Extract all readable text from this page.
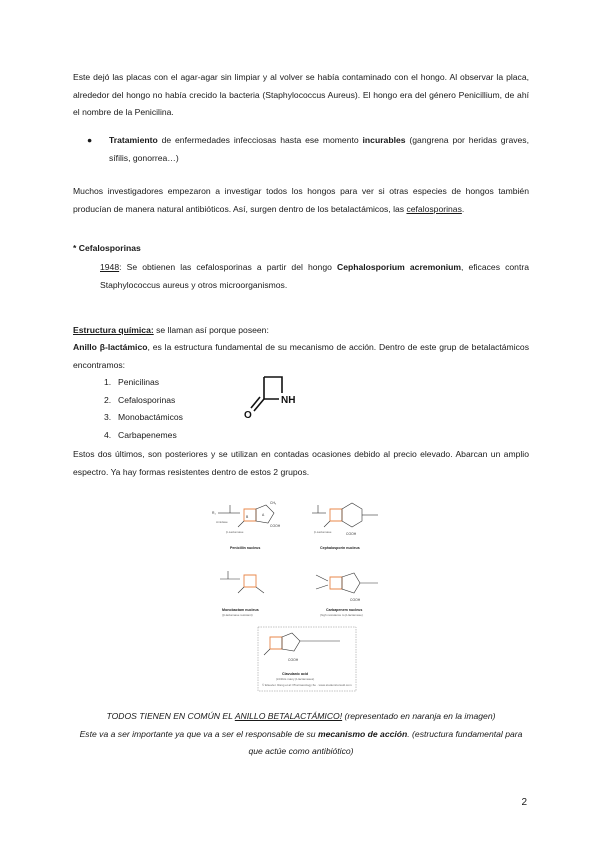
Este dejó las placas con el agar-agar sin limpiar y al volver se había contaminado con el hongo. Al observar la placa, alrededor del hongo no había crecido la bacteria (Staphylococcus Aureus). El hongo era del género Penicillium, de ahí el nombre de la Penicilina.

●	Tratamiento de enfermedades infecciosas hasta ese momento incurables (gangrena por heridas graves, sífilis, gonorrea…)

Muchos investigadores empezaron a investigar todos los hongos para ver si otras especies de hongos también producían de manera natural antibióticos. Así, surgen dentro de los betalactámicos, las cefalosporinas.

* Cefalosporinas

1948: Se obtienen las cefalosporinas a partir del hongo Cephalosporium acremonium, eficaces contra Staphylococcus aureus y otros microorganismos.

Estructura química: se llaman así porque poseen:

Anillo β-lactámico, es la estructura fundamental de su mecanismo de acción. Dentro de este grup de betalactámicos encontramos:

1. Penicilinas
2. Cefalosporinas
3. Monobactámicos
4. Carbapenemes
NH
O

Estos dos últimos, son posteriores y se utilizan en contadas ocasiones debido al precio elevado. Abarcan un amplio espectro. Ya hay formas resistentes dentro de estos 2 grupos.

R₁
B	A
CH₃
COOH
Amidase
β-Lactamase
Penicillin nucleus
COOH
β-Lactamase
Cephalosporin nucleus
Monobactam nucleus
(β-lactamase resistant)
COOH
Carbapenem nucleus
(high resistance to β-lactamase)
COOH
Clavulanic acid
(inhibits many β-lactamases)
© Elsevier. Rang et al: Pharmacology 6e · www.studentconsult.com

TODOS TIENEN EN COMÚN EL ANILLO BETALACTÁMICO! (representado en naranja en la imagen)
Este va a ser importante ya que va a ser el responsable de su mecanismo de acción. (estructura fundamental para que actúe como antibiótico)

2
